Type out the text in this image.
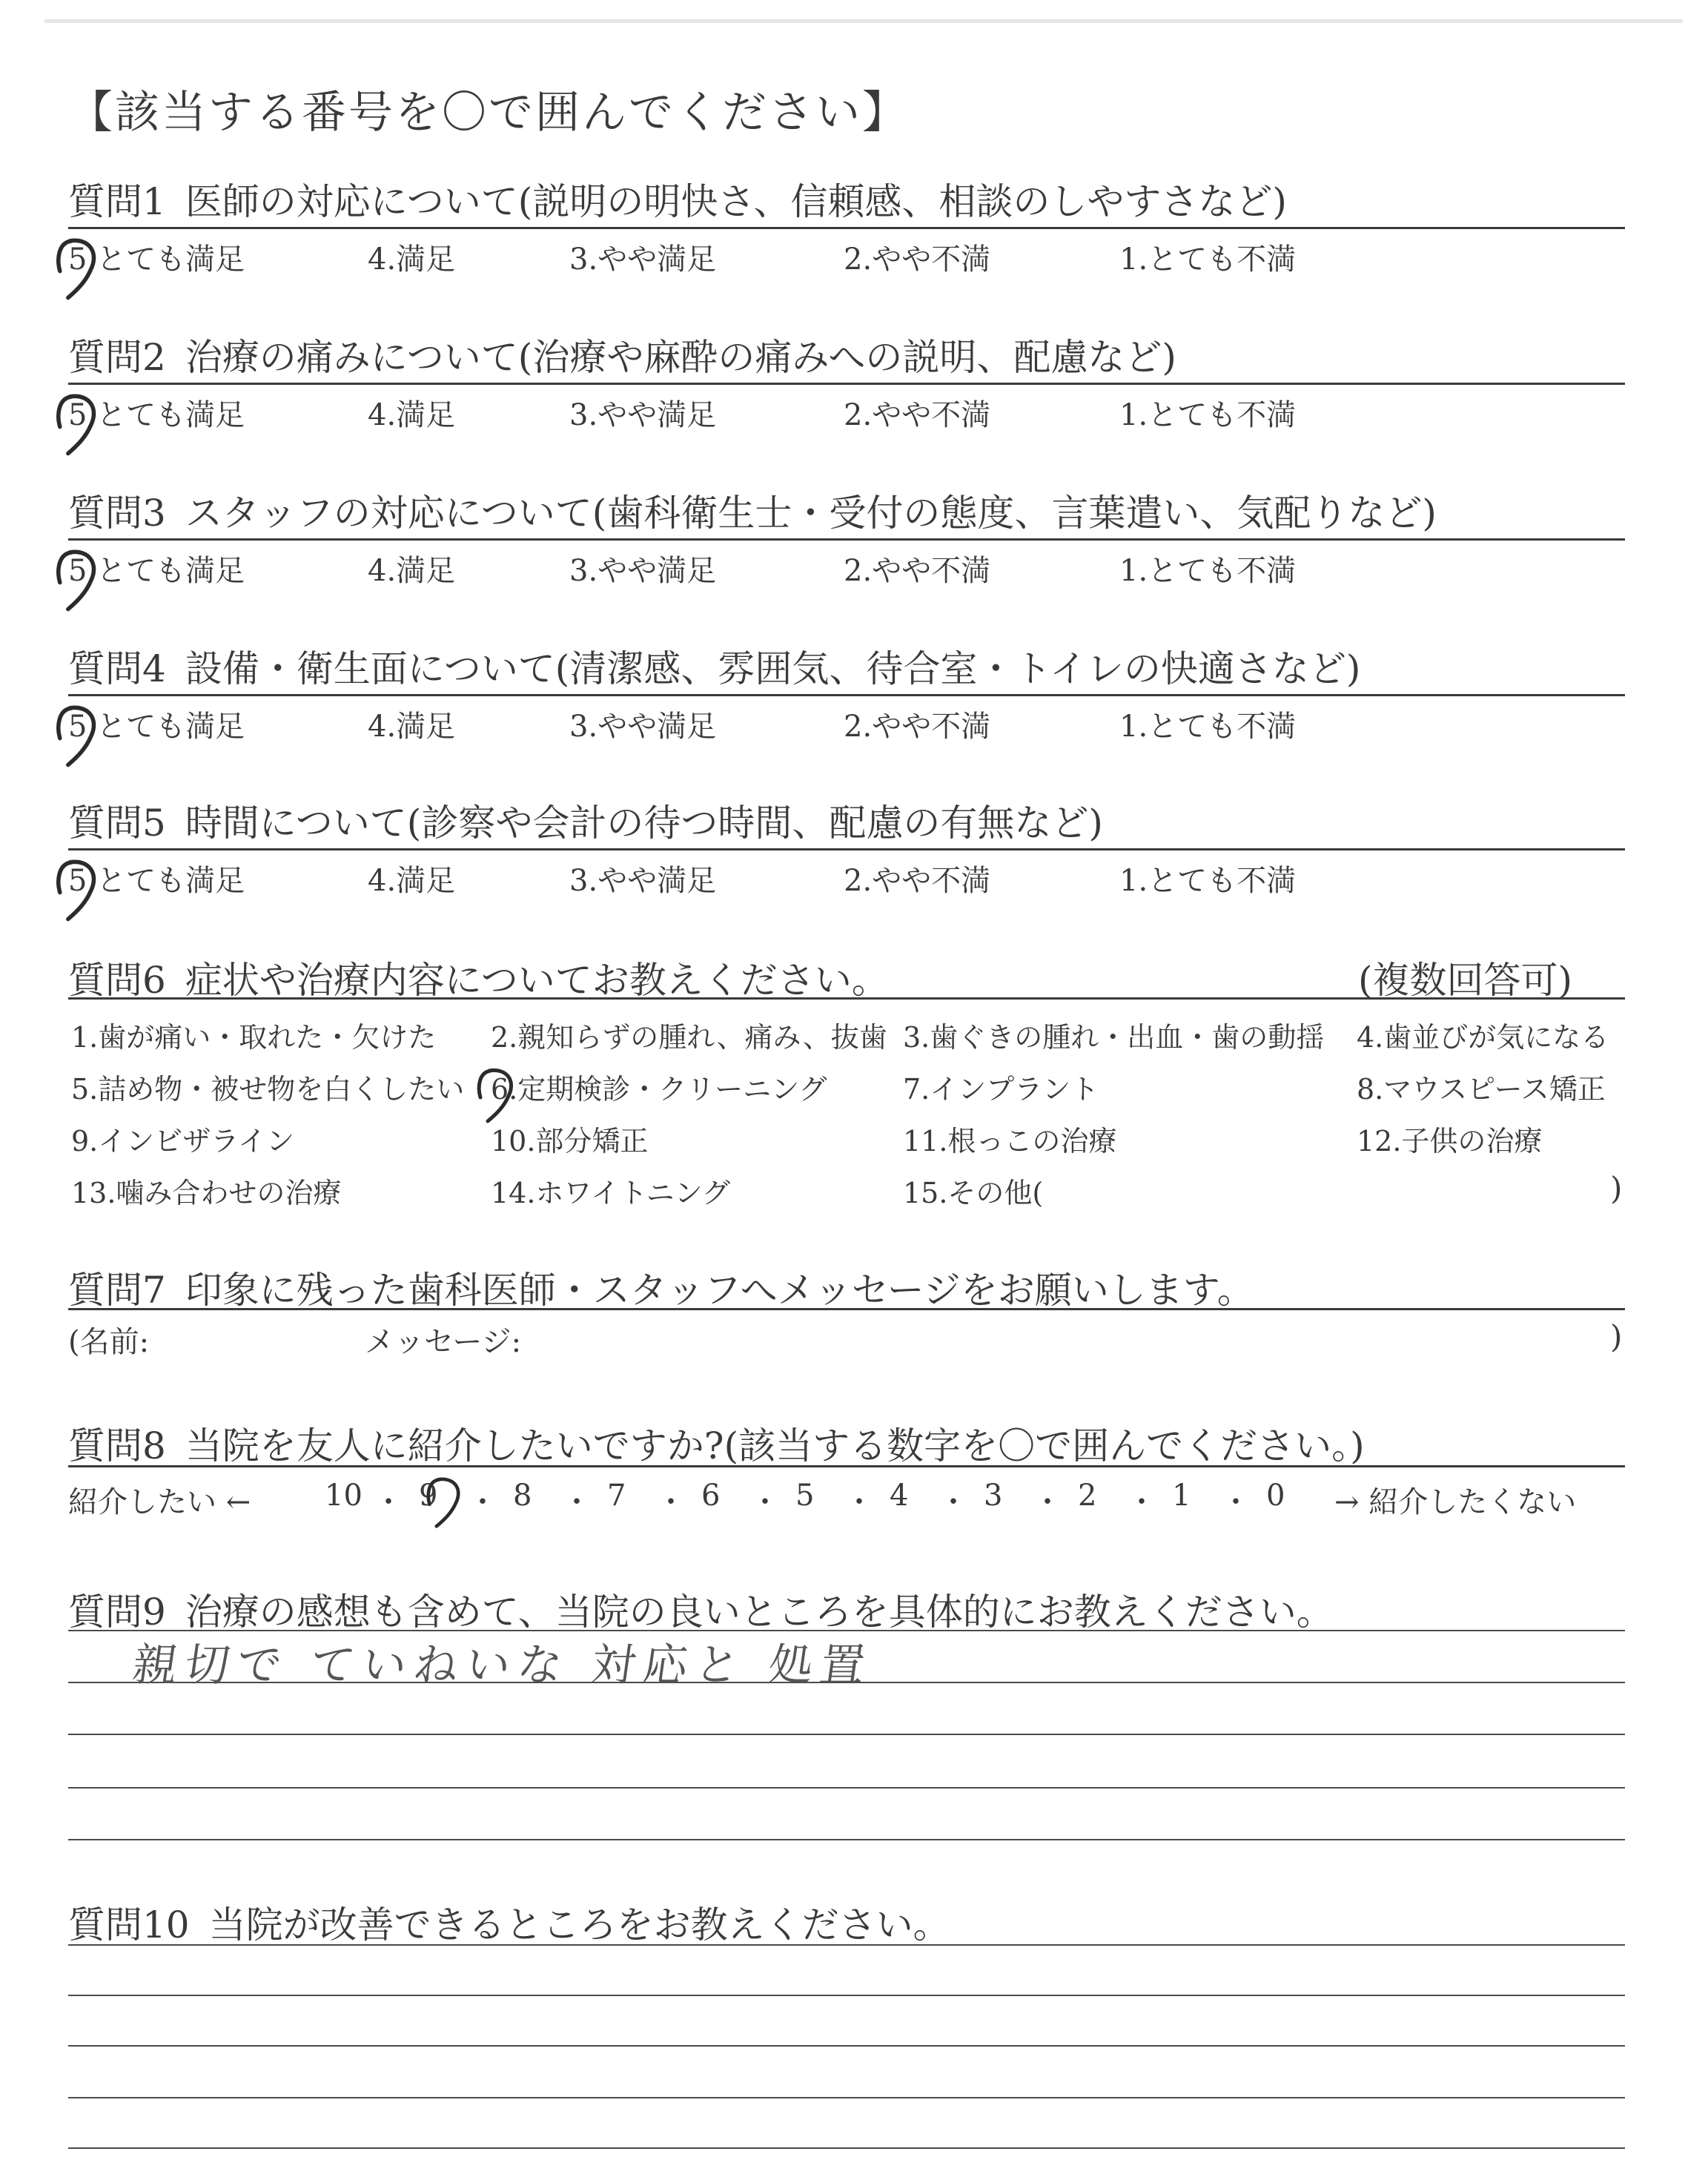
【該当する番号を〇で囲んでください】
質問1 医師の対応について(説明の明快さ、信頼感、相談のしやすさなど)
5.とても満足	4.満足	3.やや満足	2.やや不満	1.とても不満
質問2 治療の痛みについて(治療や麻酔の痛みへの説明、配慮など)
5.とても満足	4.満足	3.やや満足	2.やや不満	1.とても不満
質問3 スタッフの対応について(歯科衛生士・受付の態度、言葉遣い、気配りなど)
5.とても満足	4.満足	3.やや満足	2.やや不満	1.とても不満
質問4 設備・衛生面について(清潔感、雰囲気、待合室・トイレの快適さなど)
5.とても満足	4.満足	3.やや満足	2.やや不満	1.とても不満
質問5 時間について(診察や会計の待つ時間、配慮の有無など)
5.とても満足	4.満足	3.やや満足	2.やや不満	1.とても不満
質問6 症状や治療内容についてお教えください。	(複数回答可)
1.歯が痛い・取れた・欠けた 2.親知らずの腫れ、痛み、抜歯 3.歯ぐきの腫れ・出血・歯の動揺 4.歯並びが気になる
5.詰め物・被せ物を白くしたい 6.定期検診・クリーニング	7.インプラント	8.マウスピース矯正
9.インビザライン	10.部分矯正	11.根っこの治療	12.子供の治療
13.噛み合わせの治療	14.ホワイトニング	15.その他(	)
質問7 印象に残った歯科医師・スタッフへメッセージをお願いします。
(名前:	メッセージ:	)
質問8 当院を友人に紹介したいですか?(該当する数字を〇で囲んでください。)
紹介したい ← 10 ・ 9 ・ 8 ・ 7 ・ 6 ・ 5 ・ 4 ・ 3 ・ 2 ・ 1 ・ 0 → 紹介したくない
質問9 治療の感想も含めて、当院の良いところを具体的にお教えください。
親切で ていねいな 対応と 処置
質問10 当院が改善できるところをお教えください。
